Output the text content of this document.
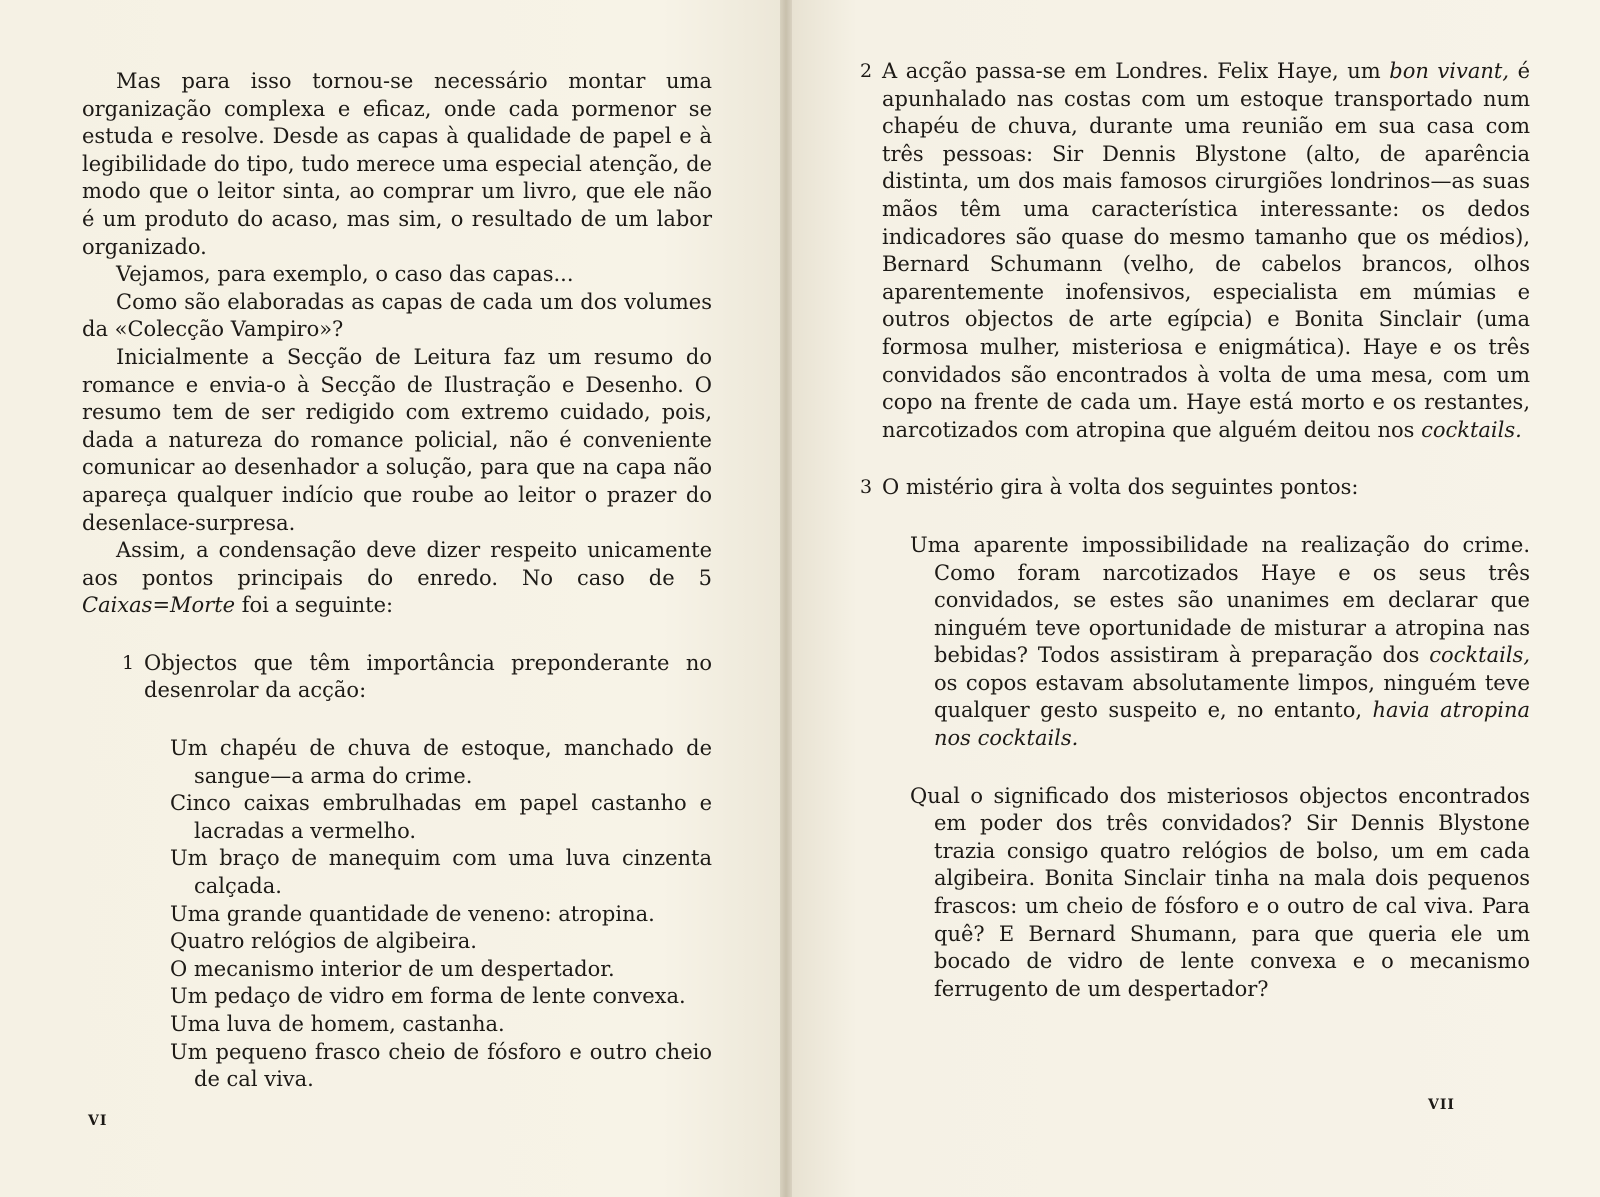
Mas para isso tornou-se necessário montar uma organização complexa e eficaz, onde cada pormenor se estuda e resolve. Desde as capas à qualidade de papel e à legibilidade do tipo, tudo merece uma especial atenção, de modo que o leitor sinta, ao comprar um livro, que ele não é um produto do acaso, mas sim, o resultado de um labor organizado.

Vejamos, para exemplo, o caso das capas...

Como são elaboradas as capas de cada um dos volumes da «Colecção Vampiro»?

Inicialmente a Secção de Leitura faz um resumo do romance e envia-o à Secção de Ilustração e Desenho. O resumo tem de ser redigido com extremo cuidado, pois, dada a natureza do romance policial, não é conveniente comunicar ao desenhador a solução, para que na capa não apareça qualquer indício que roube ao leitor o prazer do desenlace-surpresa.

Assim, a condensação deve dizer respeito unicamente aos pontos principais do enredo. No caso de 5 Caixas=Morte foi a seguinte:

1 Objectos que têm importância preponderante no desenrolar da acção:

Um chapéu de chuva de estoque, manchado de sangue—a arma do crime.

Cinco caixas embrulhadas em papel castanho e lacradas a vermelho.

Um braço de manequim com uma luva cinzenta calçada.

Uma grande quantidade de veneno: atropina.

Quatro relógios de algibeira.

O mecanismo interior de um despertador.

Um pedaço de vidro em forma de lente convexa.

Uma luva de homem, castanha.

Um pequeno frasco cheio de fósforo e outro cheio de cal viva.

VI
2 A acção passa-se em Londres. Felix Haye, um bon vivant, é apunhalado nas costas com um estoque transportado num chapéu de chuva, durante uma reunião em sua casa com três pessoas: Sir Dennis Blystone (alto, de aparência distinta, um dos mais famosos cirurgiões londrinos—as suas mãos têm uma característica interessante: os dedos indicadores são quase do mesmo tamanho que os médios), Bernard Schumann (velho, de cabelos brancos, olhos aparentemente inofensivos, especialista em múmias e outros objectos de arte egípcia) e Bonita Sinclair (uma formosa mulher, misteriosa e enigmática). Haye e os três convidados são encontrados à volta de uma mesa, com um copo na frente de cada um. Haye está morto e os restantes, narcotizados com atropina que alguém deitou nos cocktails.

3 O mistério gira à volta dos seguintes pontos:

Uma aparente impossibilidade na realização do crime. Como foram narcotizados Haye e os seus três convidados, se estes são unanimes em declarar que ninguém teve oportunidade de misturar a atropina nas bebidas? Todos assistiram à preparação dos cocktails, os copos estavam absolutamente limpos, ninguém teve qualquer gesto suspeito e, no entanto, havia atropina nos cocktails.

Qual o significado dos misteriosos objectos encontrados em poder dos três convidados? Sir Dennis Blystone trazia consigo quatro relógios de bolso, um em cada algibeira. Bonita Sinclair tinha na mala dois pequenos frascos: um cheio de fósforo e o outro de cal viva. Para quê? E Bernard Shumann, para que queria ele um bocado de vidro de lente convexa e o mecanismo ferrugento de um despertador?

VII
